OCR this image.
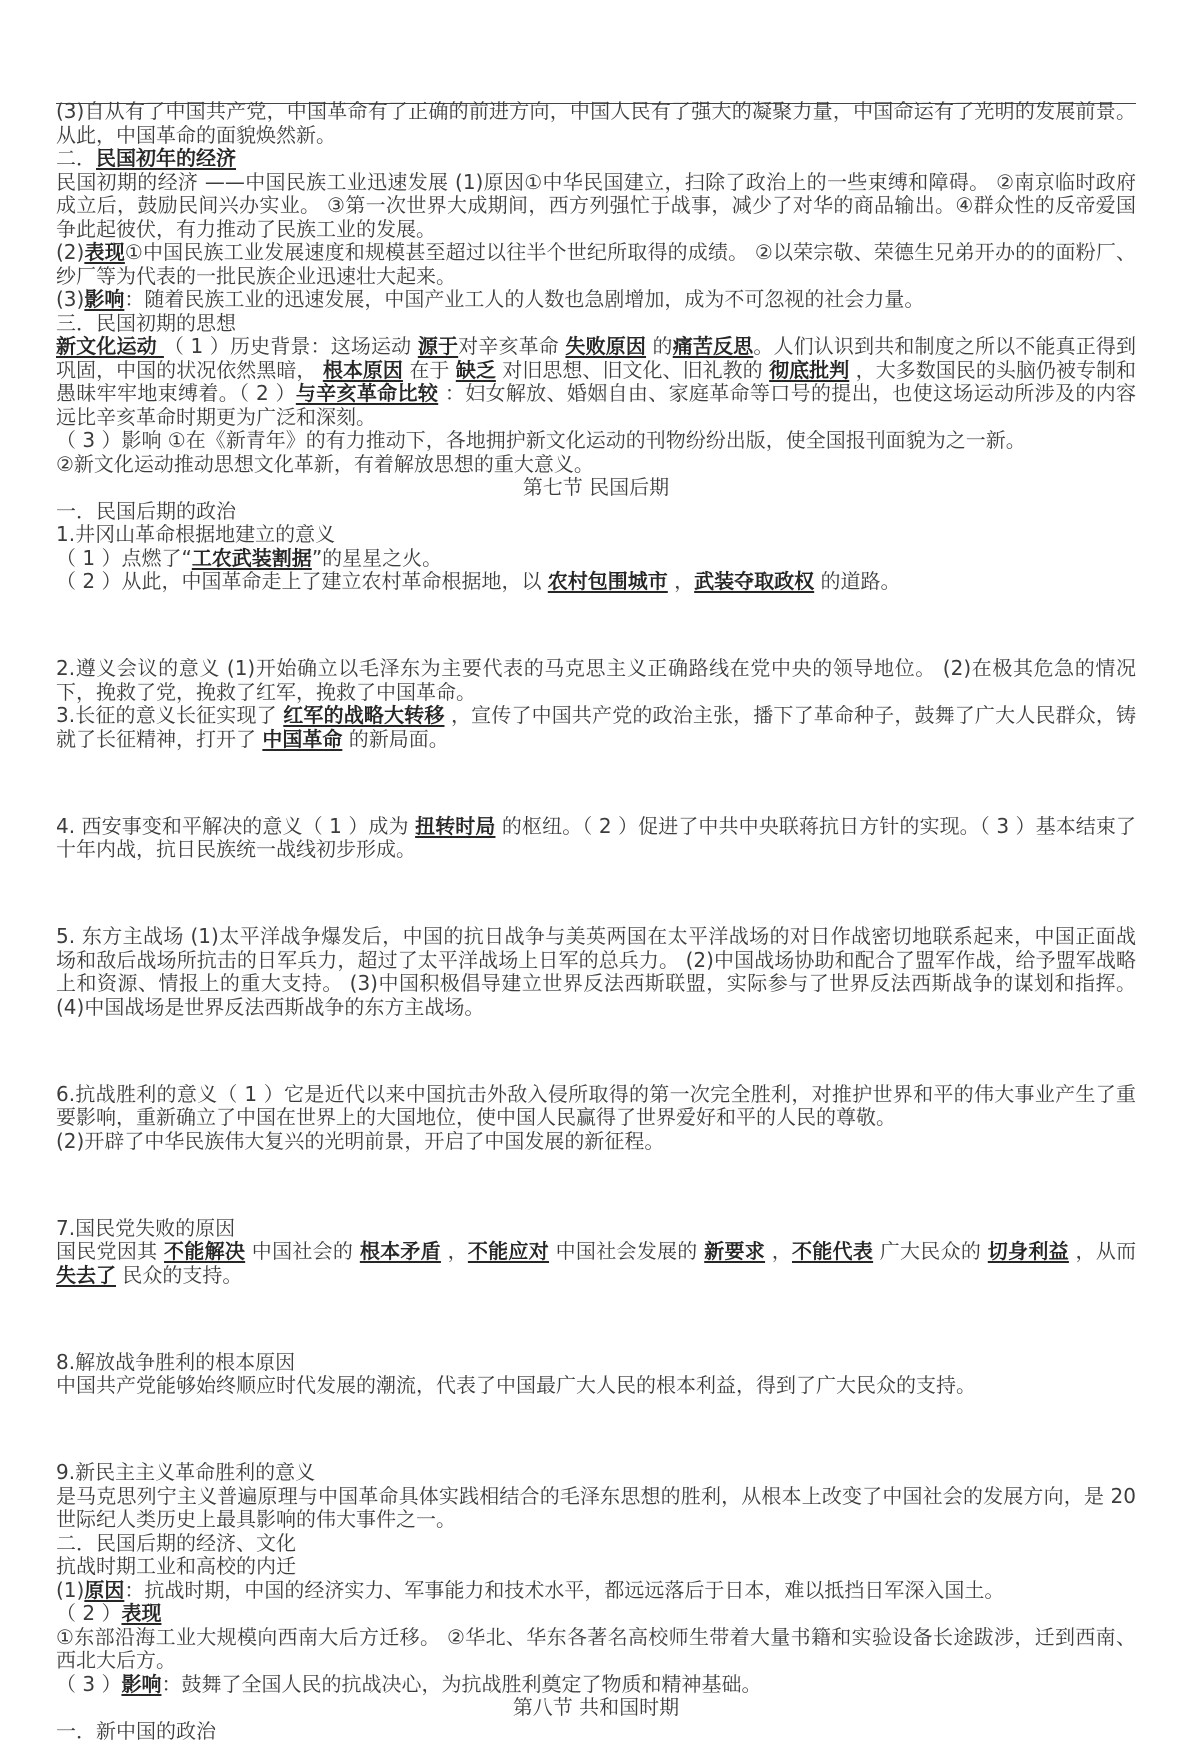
(3)自从有了中国共产党，中国革命有了正确的前进方向，中国人民有了强大的凝聚力量，中国命运有了光明的发展前景。从此，中国革命的面貌焕然新。

二．民国初年的经济

民国初期的经济 ——中国民族工业迅速发展 (1)原因①中华民国建立，扫除了政治上的一些束缚和障碍。 ②南京临时政府成立后，鼓励民间兴办实业。 ③第一次世界大成期间，西方列强忙于战事，减少了对华的商品输出。④群众性的反帝爱国争此起彼伏，有力推动了民族工业的发展。

(2)表现①中国民族工业发展速度和规模甚至超过以往半个世纪所取得的成绩。 ②以荣宗敬、荣德生兄弟开办的的面粉厂、纱厂等为代表的一批民族企业迅速壮大起来。

(3)影响：随着民族工业的迅速发展，中国产业工人的人数也急剧增加，成为不可忽视的社会力量。

三．民国初期的思想

新文化运动 （ 1 ）历史背景：这场运动 源于对辛亥革命 失败原因 的痛苦反思。人们认识到共和制度之所以不能真正得到巩固，中国的状况依然黑暗， 根本原因 在于 缺乏 对旧思想、旧文化、旧礼教的 彻底批判 ，大多数国民的头脑仍被专制和愚昧牢牢地束缚着。（ 2 ）与辛亥革命比较 ：妇女解放、婚姻自由、家庭革命等口号的提出，也使这场运动所涉及的内容远比辛亥革命时期更为广泛和深刻。

（ 3 ）影响 ①在《新青年》的有力推动下，各地拥护新文化运动的刊物纷纷出版，使全国报刊面貌为之一新。

②新文化运动推动思想文化革新，有着解放思想的重大意义。

第七节 民国后期

一．民国后期的政治

1.井冈山革命根据地建立的意义

（ 1 ）点燃了“工农武装割据”的星星之火。

（ 2 ）从此，中国革命走上了建立农村革命根据地，以 农村包围城市 ，武装夺取政权 的道路。

2.遵义会议的意义 (1)开始确立以毛泽东为主要代表的马克思主义正确路线在党中央的领导地位。 (2)在极其危急的情况下，挽救了党，挽救了红军，挽救了中国革命。

3.长征的意义长征实现了 红军的战略大转移 ，宣传了中国共产党的政治主张，播下了革命种子，鼓舞了广大人民群众，铸就了长征精神，打开了 中国革命 的新局面。

4. 西安事变和平解决的意义（ 1 ）成为 扭转时局 的枢纽。（ 2 ）促进了中共中央联蒋抗日方针的实现。（ 3 ）基本结束了十年内战，抗日民族统一战线初步形成。

5. 东方主战场 (1)太平洋战争爆发后，中国的抗日战争与美英两国在太平洋战场的对日作战密切地联系起来，中国正面战场和敌后战场所抗击的日军兵力，超过了太平洋战场上日军的总兵力。 (2)中国战场协助和配合了盟军作战，给予盟军战略上和资源、情报上的重大支持。 (3)中国积极倡导建立世界反法西斯联盟，实际参与了世界反法西斯战争的谋划和指挥。 (4)中国战场是世界反法西斯战争的东方主战场。

6.抗战胜利的意义（ 1 ）它是近代以来中国抗击外敌入侵所取得的第一次完全胜利，对推护世界和平的伟大事业产生了重要影响，重新确立了中国在世界上的大国地位，使中国人民赢得了世界爱好和平的人民的尊敬。

(2)开辟了中华民族伟大复兴的光明前景，开启了中国发展的新征程。

7.国民党失败的原因

国民党因其 不能解决 中国社会的 根本矛盾 ，不能应对 中国社会发展的 新要求 ，不能代表 广大民众的 切身利益 ，从而 失去了 民众的支持。

8.解放战争胜利的根本原因

中国共产党能够始终顺应时代发展的潮流，代表了中国最广大人民的根本利益，得到了广大民众的支持。

9.新民主主义革命胜利的意义

是马克思列宁主义普遍原理与中国革命具体实践相结合的毛泽东思想的胜利，从根本上改变了中国社会的发展方向，是 20 世际纪人类历史上最具影响的伟大事件之一。

二．民国后期的经济、文化

抗战时期工业和高校的内迁

(1)原因：抗战时期，中国的经济实力、军事能力和技术水平，都远远落后于日本，难以抵挡日军深入国土。

（ 2 ）表现

①东部沿海工业大规模向西南大后方迁移。 ②华北、华东各著名高校师生带着大量书籍和实验设备长途跋涉，迁到西南、西北大后方。

（ 3 ）影响：鼓舞了全国人民的抗战决心，为抗战胜利奠定了物质和精神基础。

第八节 共和国时期

一．新中国的政治
